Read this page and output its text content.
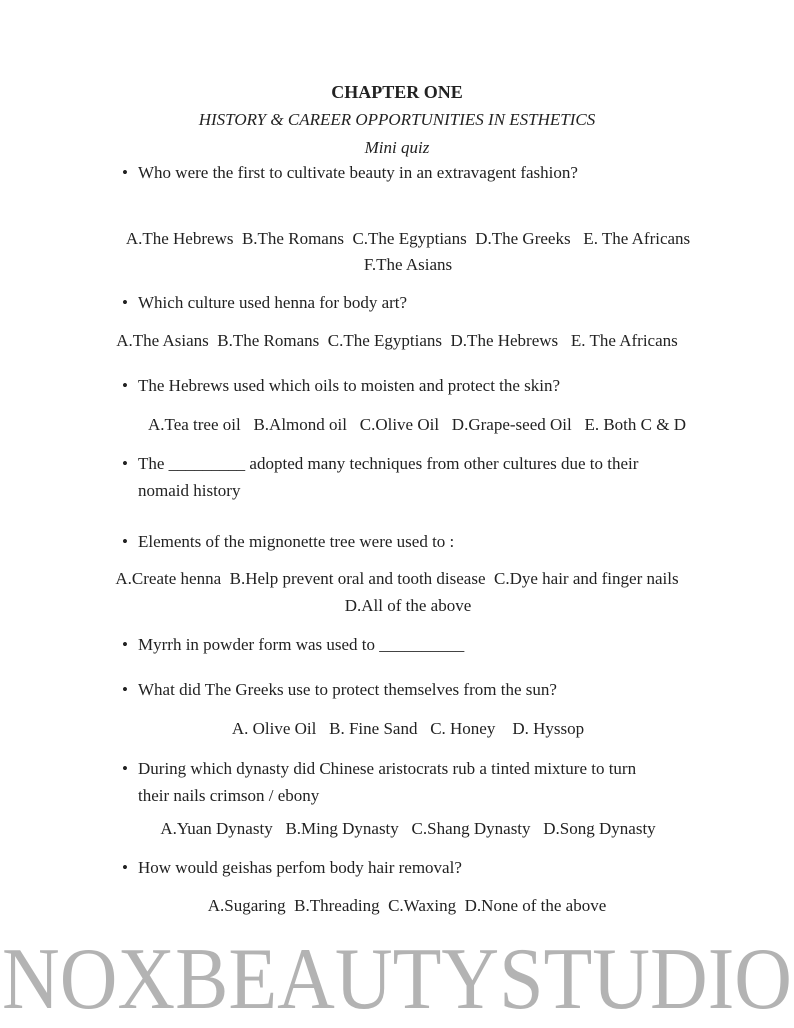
CHAPTER ONE
HISTORY & CAREER OPPORTUNITIES IN ESTHETICS
Mini quiz
• Who were the first to cultivate beauty in an extravagent fashion?
A.The Hebrews  B.The Romans  C.The Egyptians  D.The Greeks   E. The Africans
F.The Asians
• Which culture used henna for body art?
A.The Asians  B.The Romans  C.The Egyptians  D.The Hebrews   E. The Africans
• The Hebrews used which oils to moisten and protect the skin?
A.Tea tree oil   B.Almond oil   C.Olive Oil   D.Grape-seed Oil   E. Both C & D
• The _________ adopted many techniques from other cultures due to their
nomaid history
• Elements of the mignonette tree were used to :
A.Create henna  B.Help prevent oral and tooth disease  C.Dye hair and finger nails
D.All of the above
• Myrrh in powder form was used to __________
• What did The Greeks use to protect themselves from the sun?
A. Olive Oil   B. Fine Sand   C. Honey    D. Hyssop
• During which dynasty did Chinese aristocrats rub a tinted mixture to turn
their nails crimson / ebony
A.Yuan Dynasty   B.Ming Dynasty   C.Shang Dynasty   D.Song Dynasty
• How would geishas perfom body hair removal?
A.Sugaring  B.Threading  C.Waxing  D.None of the above
NOXBEAUTYSTUDIO
